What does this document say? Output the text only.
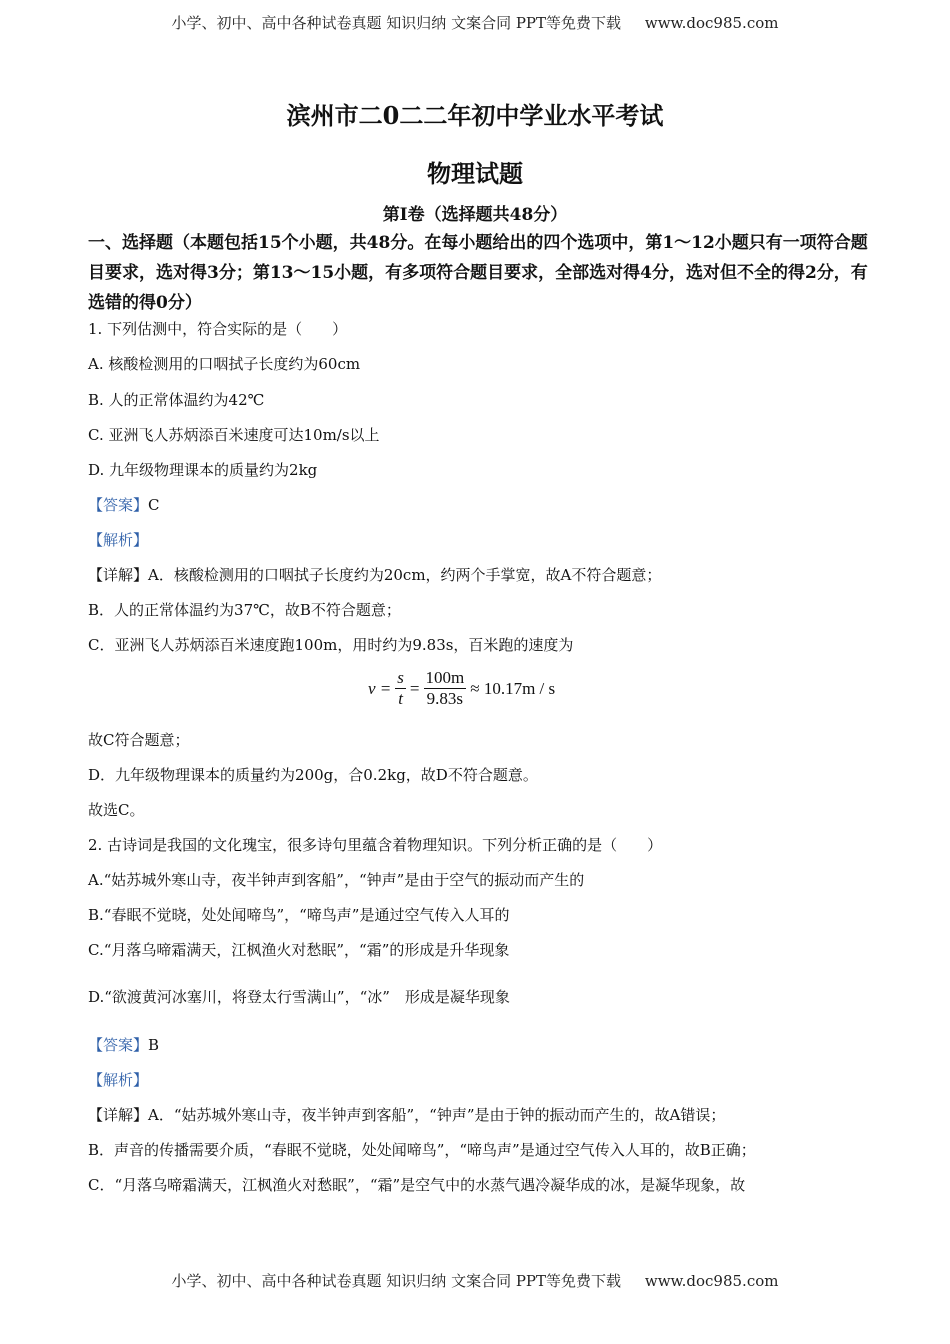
小学、初中、高中各种试卷真题 知识归纳 文案合同 PPT等免费下载 www.doc985.com
滨州市二0二二年初中学业水平考试
物理试题
第Ⅰ卷（选择题共48分）
一、选择题（本题包括15个小题，共48分。在每小题给出的四个选项中，第1～12小题只有一项符合题目要求，选对得3分；第13～15小题，有多项符合题目要求，全部选对得4分，选对但不全的得2分，有选错的得0分）
1. 下列估测中，符合实际的是（　　）
A. 核酸检测用的口咽拭子长度约为60cm
B. 人的正常体温约为42℃
C. 亚洲飞人苏炳添百米速度可达10m/s以上
D. 九年级物理课本的质量约为2kg
【答案】C
【解析】
【详解】A．核酸检测用的口咽拭子长度约为20cm，约两个手掌宽，故A不符合题意；
B．人的正常体温约为37℃，故B不符合题意；
C．亚洲飞人苏炳添百米速度跑100m，用时约为9.83s，百米跑的速度为
$v = \frac{s}{t} = \frac{100m}{9.83s} \approx 10.17m / s$
故C符合题意；
D．九年级物理课本的质量约为200g，合0.2kg，故D不符合题意。
故选C。
2. 古诗词是我国的文化瑰宝，很多诗句里蕴含着物理知识。下列分析正确的是（　　）
A.“姑苏城外寒山寺，夜半钟声到客船”，“钟声”是由于空气的振动而产生的
B.“春眠不觉晓，处处闻啼鸟”，“啼鸟声”是通过空气传入人耳的
C.“月落乌啼霜满天，江枫渔火对愁眠”，“霜”的形成是升华现象
D.“欲渡黄河冰塞川，将登太行雪满山”，“冰”　形成是凝华现象
【答案】B
【解析】
【详解】A．“姑苏城外寒山寺，夜半钟声到客船”，“钟声”是由于钟的振动而产生的，故A错误；
B．声音的传播需要介质，“春眠不觉晓，处处闻啼鸟”，“啼鸟声”是通过空气传入人耳的，故B正确；
C．“月落乌啼霜满天，江枫渔火对愁眠”，“霜”是空气中的水蒸气遇冷凝华成的冰，是凝华现象，故
小学、初中、高中各种试卷真题 知识归纳 文案合同 PPT等免费下载 www.doc985.com
